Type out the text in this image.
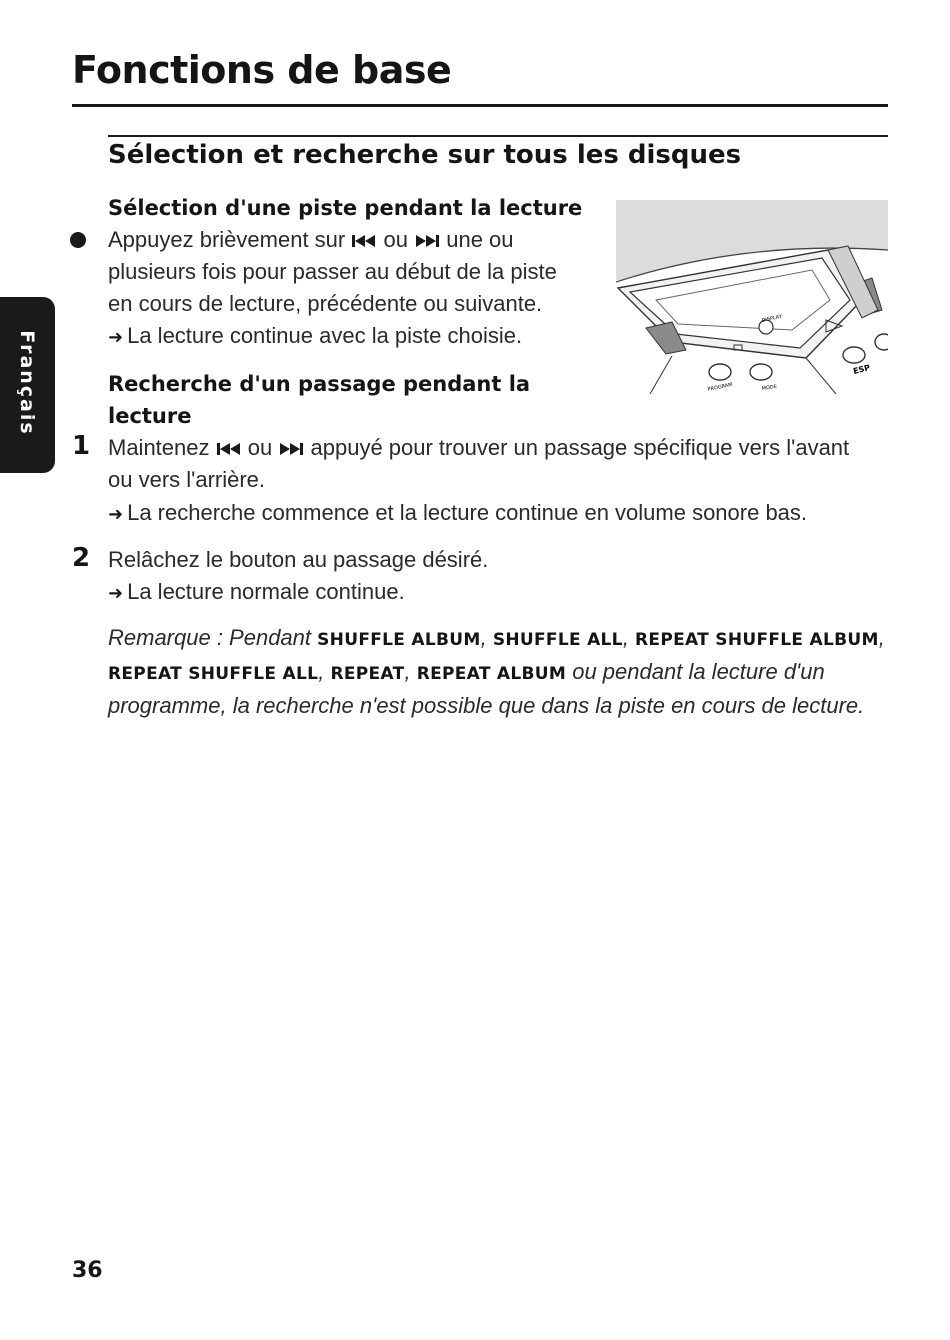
Fonctions de base
Sélection et recherche sur tous les disques
Français
Sélection d'une piste pendant la lecture

Appuyez brièvement sur ou une ou

plusieurs fois pour passer au début de la piste

en cours de lecture, précédente ou suivante.

➜ La lecture continue avec la piste choisie.

DISPLAY
PROGRAM	MODE
ESP
Recherche d'un passage pendant la
lecture

1 Maintenez ou appuyé pour trouver un passage spécifique vers l'avant

ou vers l'arrière.

➜ La recherche commence et la lecture continue en volume sonore bas.

2 Relâchez le bouton au passage désiré.

➜ La lecture normale continue.

Remarque : Pendant SHUFFLE ALBUM, SHUFFLE ALL, REPEAT SHUFFLE ALBUM, REPEAT SHUFFLE ALL, REPEAT, REPEAT ALBUM ou pendant la lecture d'un programme, la recherche n'est possible que dans la piste en cours de lecture.

36
